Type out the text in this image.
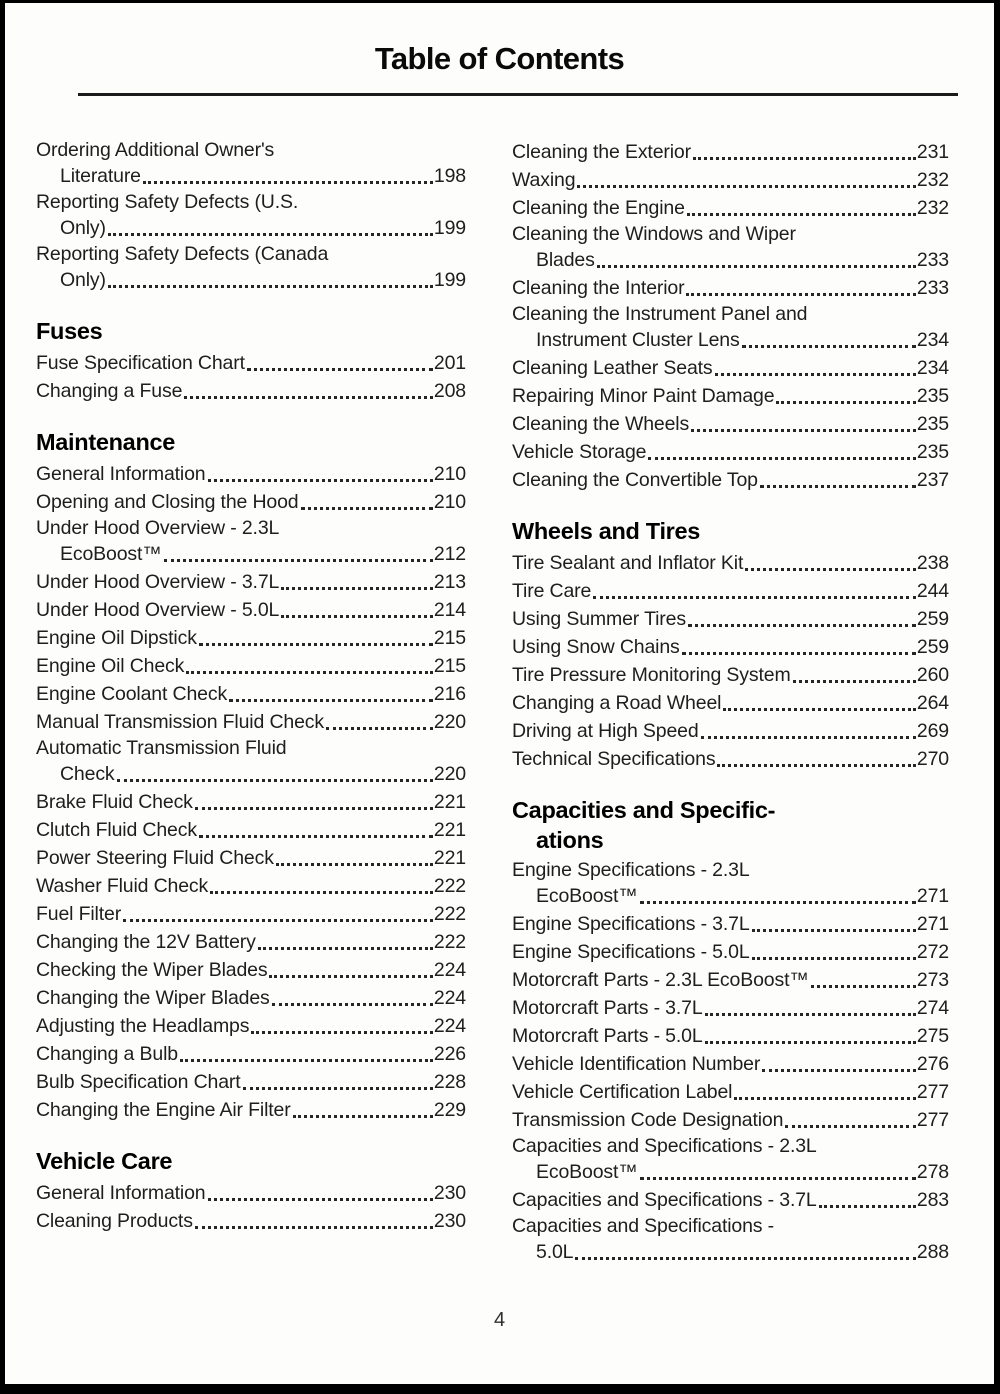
Table of Contents
Ordering Additional Owner's
Literature	198
Reporting Safety Defects (U.S.
Only)	199
Reporting Safety Defects (Canada
Only)	199
Fuses
Fuse Specification Chart	201
Changing a Fuse	208
Maintenance
General Information	210
Opening and Closing the Hood	210
Under Hood Overview - 2.3L
EcoBoost™	212
Under Hood Overview - 3.7L	213
Under Hood Overview - 5.0L	214
Engine Oil Dipstick	215
Engine Oil Check	215
Engine Coolant Check	216
Manual Transmission Fluid Check	220
Automatic Transmission Fluid
Check	220
Brake Fluid Check	221
Clutch Fluid Check	221
Power Steering Fluid Check	221
Washer Fluid Check	222
Fuel Filter	222
Changing the 12V Battery	222
Checking the Wiper Blades	224
Changing the Wiper Blades	224
Adjusting the Headlamps	224
Changing a Bulb	226
Bulb Specification Chart	228
Changing the Engine Air Filter	229
Vehicle Care
General Information	230
Cleaning Products	230
Cleaning the Exterior	231
Waxing	232
Cleaning the Engine	232
Cleaning the Windows and Wiper
Blades	233
Cleaning the Interior	233
Cleaning the Instrument Panel and
Instrument Cluster Lens	234
Cleaning Leather Seats	234
Repairing Minor Paint Damage	235
Cleaning the Wheels	235
Vehicle Storage	235
Cleaning the Convertible Top	237
Wheels and Tires
Tire Sealant and Inflator Kit	238
Tire Care	244
Using Summer Tires	259
Using Snow Chains	259
Tire Pressure Monitoring System	260
Changing a Road Wheel	264
Driving at High Speed	269
Technical Specifications	270
Capacities and Specific-
ations
Engine Specifications - 2.3L
EcoBoost™	271
Engine Specifications - 3.7L	271
Engine Specifications - 5.0L	272
Motorcraft Parts - 2.3L EcoBoost™	273
Motorcraft Parts - 3.7L	274
Motorcraft Parts - 5.0L	275
Vehicle Identification Number	276
Vehicle Certification Label	277
Transmission Code Designation	277
Capacities and Specifications - 2.3L
EcoBoost™	278
Capacities and Specifications - 3.7L	283
Capacities and Specifications -
5.0L	288
4
